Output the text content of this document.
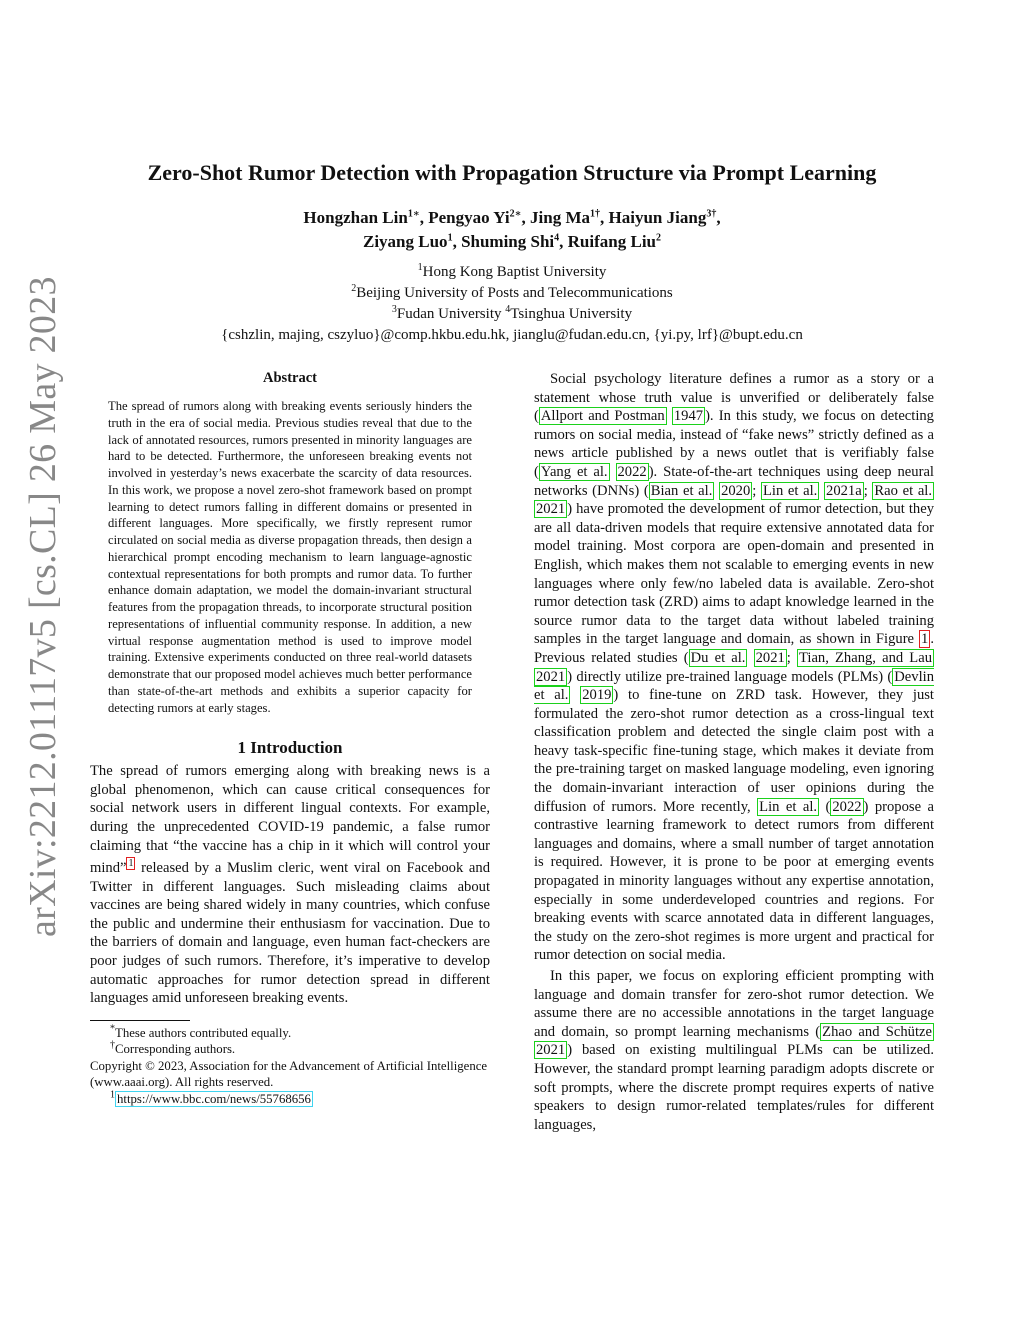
arXiv:2212.01117v5 [cs.CL] 26 May 2023
Zero-Shot Rumor Detection with Propagation Structure via Prompt Learning
Hongzhan Lin$^{1∗}$, Pengyao $Yi^{2∗}$, Jing $Ma^{1\dagger}$, Haiyun Jiang$^{3\dagger}$,
Ziyang Luo$^1$, Shuming Shi$^4$, Ruifang Liu$^2$
$^1$Hong Kong Baptist University
$^2$Beijing University of Posts and Telecommunications
$^3$Fudan University $^4$Tsinghua University
{cshzlin, majing, cszyluo}@comp.hkbu.edu.hk, jianglu@fudan.edu.cn, {yi.py, lrf}@bupt.edu.cn
Abstract

The spread of rumors along with breaking events seriously hinders the truth in the era of social media. Previous studies reveal that due to the lack of annotated resources, rumors presented in minority languages are hard to be detected. Furthermore, the unforeseen breaking events not involved in yesterday’s news exacerbate the scarcity of data resources. In this work, we propose a novel zero-shot framework based on prompt learning to detect rumors falling in different domains or presented in different languages. More specifically, we firstly represent rumor circulated on social media as diverse propagation threads, then design a hierarchical prompt encoding mechanism to learn language-agnostic contextual representations for both prompts and rumor data. To further enhance domain adaptation, we model the domain-invariant structural features from the propagation threads, to incorporate structural position representations of influential community response. In addition, a new virtual response augmentation method is used to improve model training. Extensive experiments conducted on three real-world datasets demonstrate that our proposed model achieves much better performance than state-of-the-art methods and exhibits a superior capacity for detecting rumors at early stages.

1 Introduction

The spread of rumors emerging along with breaking news is a global phenomenon, which can cause critical consequences for social network users in different lingual contexts. For example, during the unprecedented COVID-19 pandemic, a false rumor claiming that “the vaccine has a chip in it which will control your mind” $^1$ released by a Muslim cleric, went viral on Facebook and Twitter in different languages. Such misleading claims about vaccines are being shared widely in many countries, which confuse the public and undermine their enthusiasm for vaccination. Due to the barriers of domain and language, even human fact-checkers are poor judges of such rumors. Therefore, it’s imperative to develop automatic approaches for rumor detection spread in different languages amid unforeseen breaking events.

*These authors contributed equally.

†Corresponding authors.

Copyright © 2023, Association for the Advancement of Artificial Intelligence (www.aaai.org). All rights reserved.

$^1$ https://www.bbc.com/news/55768656

Social psychology literature defines a rumor as a story or a statement whose truth value is unverified or deliberately false ( Allport and Postman 1947 ). In this study, we focus on detecting rumors on social media, instead of “fake news” strictly defined as a news article published by a news outlet that is verifiably false ( Yang et al. 2022 ). State-of-the-art techniques using deep neural networks (DNNs) ( Bian et al. 2020 ; Lin et al. 2021a ; Rao et al. 2021 ) have promoted the development of rumor detection, but they are all data-driven models that require extensive annotated data for model training. Most corpora are open-domain and presented in English, which makes them not scalable to emerging events in new languages where only few/no labeled data is available. Zero-shot rumor detection task (ZRD) aims to adapt knowledge learned in the source rumor data to the target data without labeled training samples in the target language and domain, as shown in Figure 1 . Previous related studies ( Du et al. 2021 ; Tian, Zhang, and Lau 2021 ) directly utilize pre-trained language models (PLMs) ( Devlin et al. 2019 ) to fine-tune on ZRD task. However, they just formulated the zero-shot rumor detection as a cross-lingual text classification problem and detected the single claim post with a heavy task-specific fine-tuning stage, which makes it deviate from the pre-training target on masked language modeling, even ignoring the domain-invariant interaction of user opinions during the diffusion of rumors. More recently, Lin et al. ( 2022 ) propose a contrastive learning framework to detect rumors from different languages and domains, where a small number of target annotation is required. However, it is prone to be poor at emerging events propagated in minority languages without any expertise annotation, especially in some underdeveloped countries and regions. For breaking events with scarce annotated data in different languages, the study on the zero-shot regimes is more urgent and practical for rumor detection on social media.

In this paper, we focus on exploring efficient prompting with language and domain transfer for zero-shot rumor detection. We assume there are no accessible annotations in the target language and domain, so prompt learning mechanisms ( Zhao and Schütze 2021 ) based on existing multilingual PLMs can be utilized. However, the standard prompt learning paradigm adopts discrete or soft prompts, where the discrete prompt requires experts of native speakers to design rumor-related templates/rules for different languages,
